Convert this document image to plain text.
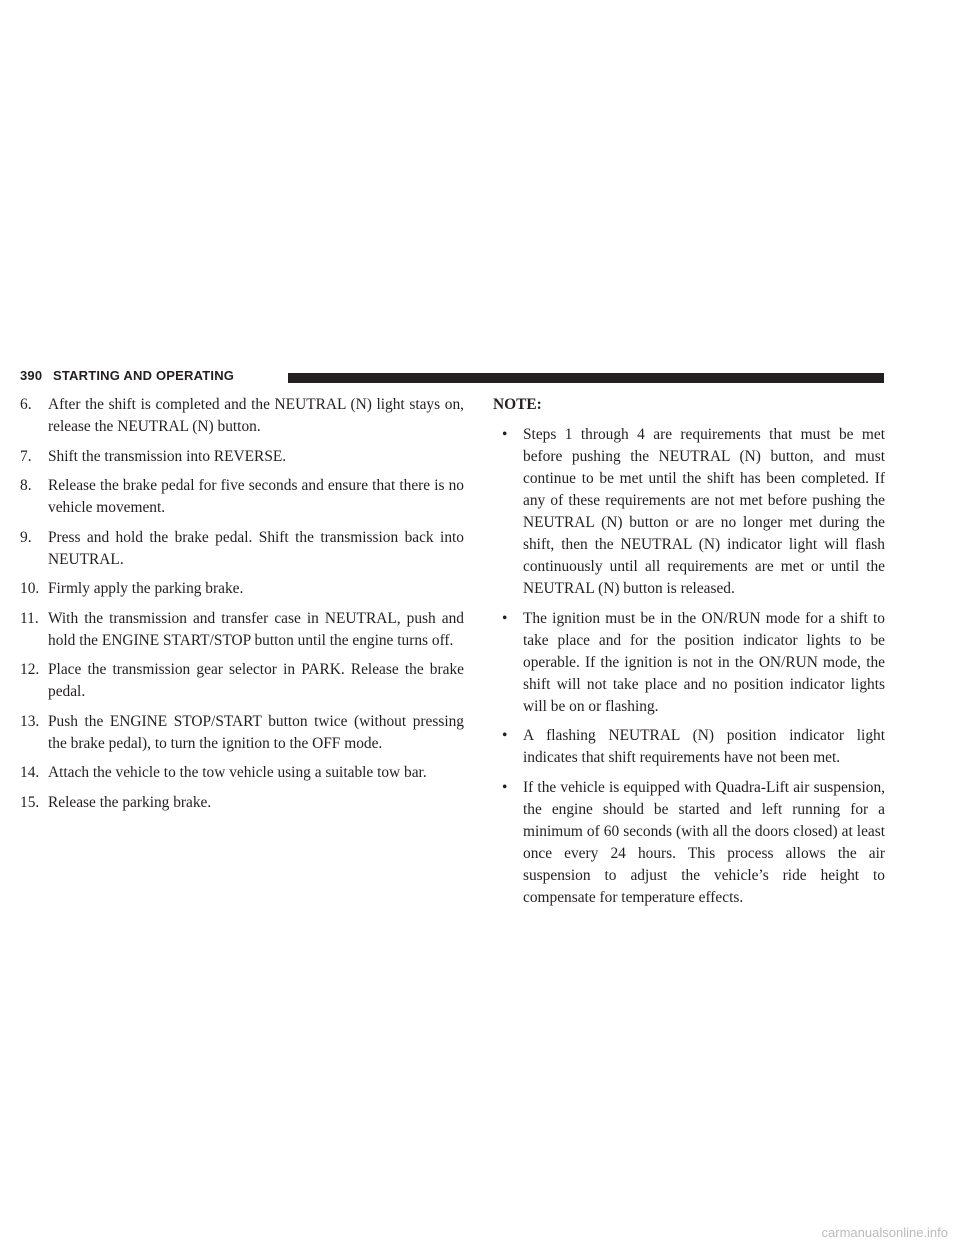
390 STARTING AND OPERATING
6. After the shift is completed and the NEUTRAL (N) light stays on, release the NEUTRAL (N) button.
7. Shift the transmission into REVERSE.
8. Release the brake pedal for five seconds and ensure that there is no vehicle movement.
9. Press and hold the brake pedal. Shift the transmission back into NEUTRAL.
10. Firmly apply the parking brake.
11. With the transmission and transfer case in NEUTRAL, push and hold the ENGINE START/STOP button until the engine turns off.
12. Place the transmission gear selector in PARK. Release the brake pedal.
13. Push the ENGINE STOP/START button twice (without pressing the brake pedal), to turn the ignition to the OFF mode.
14. Attach the vehicle to the tow vehicle using a suitable tow bar.
15. Release the parking brake.
NOTE:
• Steps 1 through 4 are requirements that must be met before pushing the NEUTRAL (N) button, and must continue to be met until the shift has been completed. If any of these requirements are not met before pushing the NEUTRAL (N) button or are no longer met during the shift, then the NEUTRAL (N) indicator light will flash continuously until all requirements are met or until the NEUTRAL (N) button is released.
• The ignition must be in the ON/RUN mode for a shift to take place and for the position indicator lights to be operable. If the ignition is not in the ON/RUN mode, the shift will not take place and no position indicator lights will be on or flashing.
• A flashing NEUTRAL (N) position indicator light indicates that shift requirements have not been met.
• If the vehicle is equipped with Quadra-Lift air suspension, the engine should be started and left running for a minimum of 60 seconds (with all the doors closed) at least once every 24 hours. This process allows the air suspension to adjust the vehicle’s ride height to compensate for temperature effects.
carmanualsonline.info
